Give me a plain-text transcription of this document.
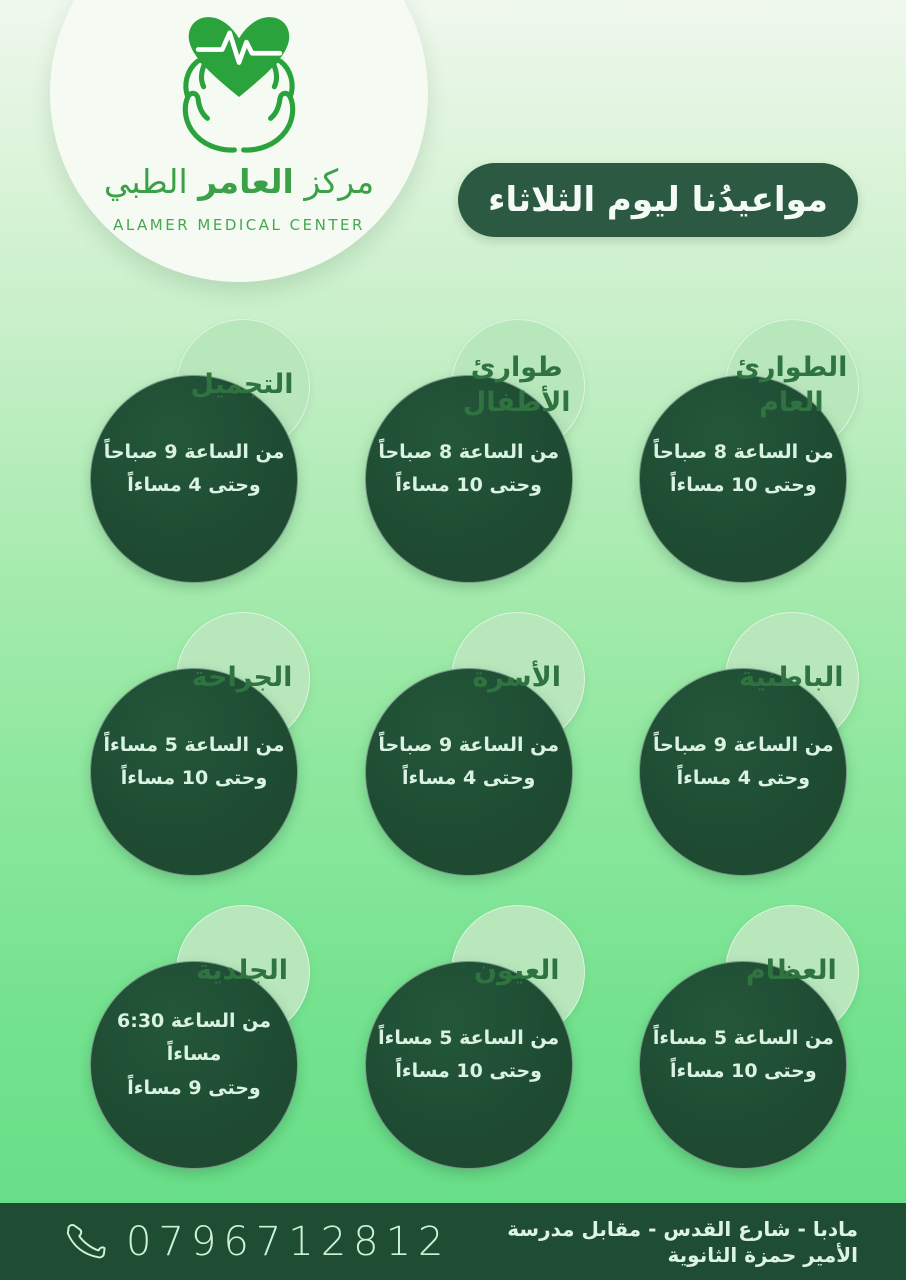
مركز العامر الطبي
ALAMER MEDICAL CENTER
مواعيدُنا ليوم الثلاثاء
من الساعة 8 صباحاً
وحتى 10 مساءاً
الطوارئ العام
من الساعة 8 صباحاً
وحتى 10 مساءاً
طوارئ الأطفال
من الساعة 9 صباحاً
وحتى 4 مساءاً
التجميل
من الساعة 9 صباحاً
وحتى 4 مساءاً
الباطنية
من الساعة 9 صباحاً
وحتى 4 مساءاً
الأسرة
من الساعة 5 مساءاً
وحتى 10 مساءاً
الجراحة
من الساعة 5 مساءاً
وحتى 10 مساءاً
العظام
من الساعة 5 مساءاً
وحتى 10 مساءاً
العيون
من الساعة 6:30 مساءاً
وحتى 9 مساءاً
الجلدية
0796712812	مادبا - شارع القدس - مقابل مدرسة الأمير حمزة الثانوية
